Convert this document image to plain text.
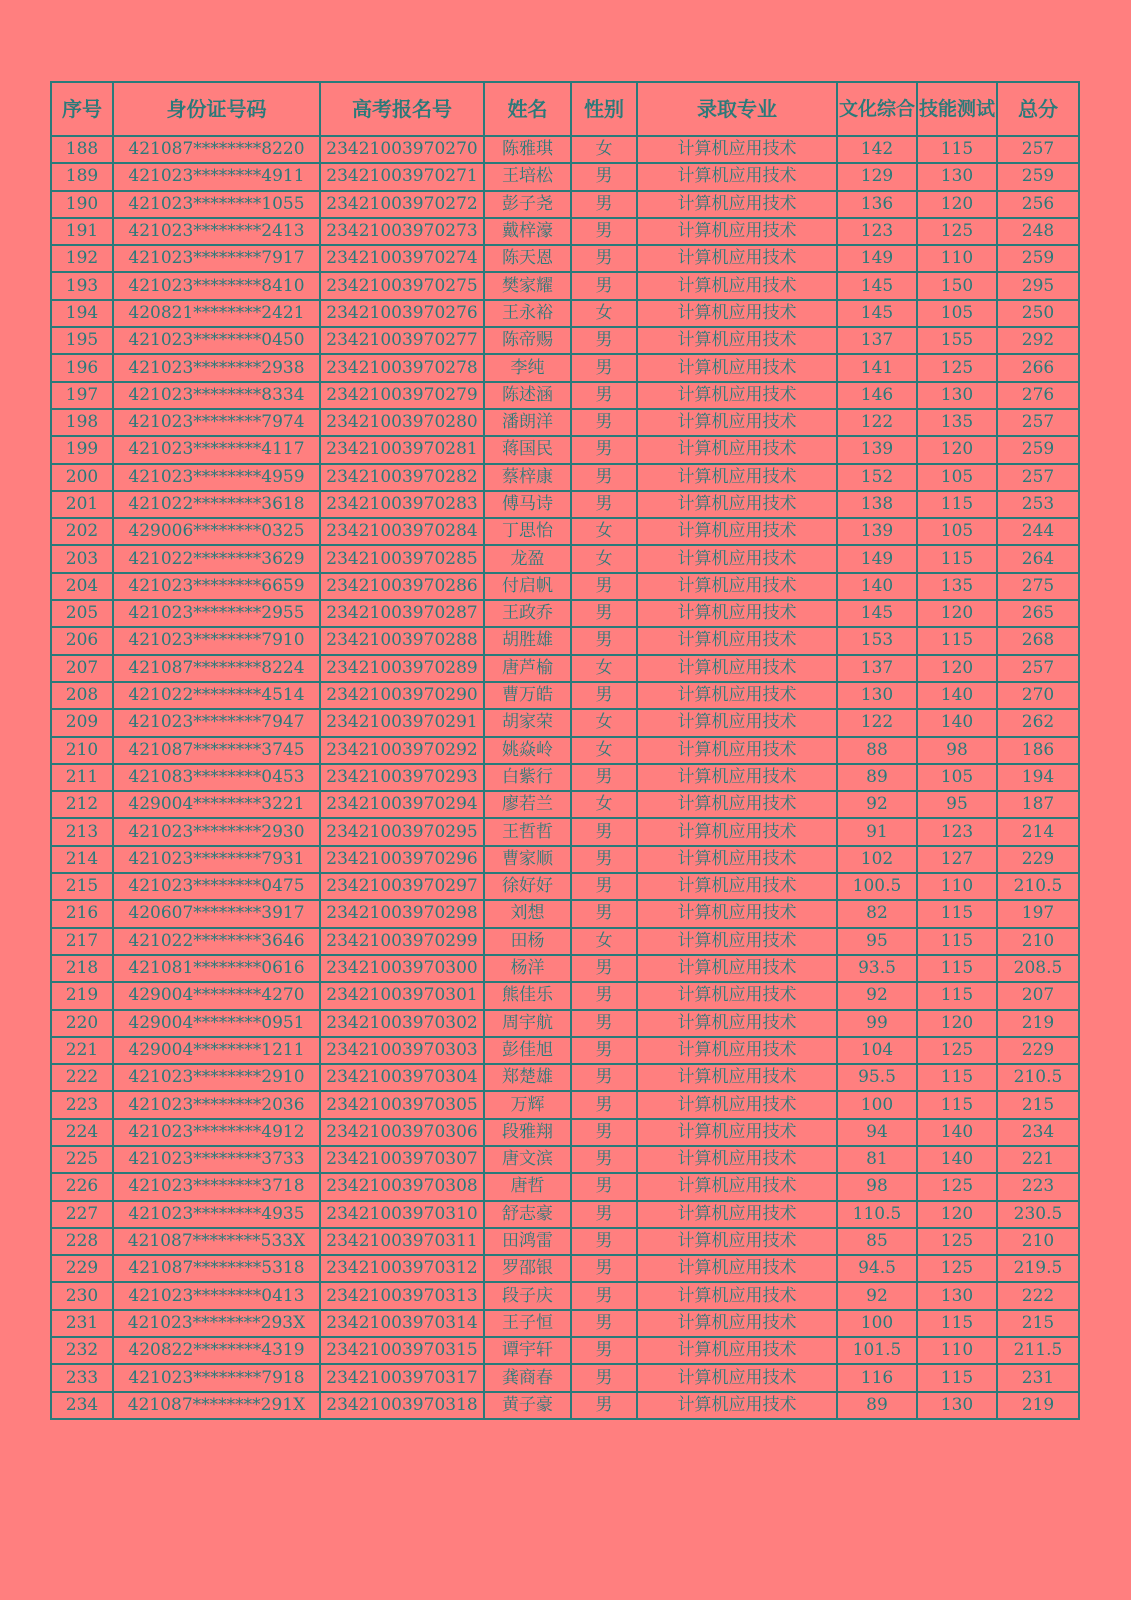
序号	身份证号码	高考报名号	姓名	性别	录取专业	文化综合	技能测试	总分
188	421087********8220	23421003970270	陈雅琪	女	计算机应用技术	142	115	257
189	421023********4911	23421003970271	王培松	男	计算机应用技术	129	130	259
190	421023********1055	23421003970272	彭子尧	男	计算机应用技术	136	120	256
191	421023********2413	23421003970273	戴梓濠	男	计算机应用技术	123	125	248
192	421023********7917	23421003970274	陈天恩	男	计算机应用技术	149	110	259
193	421023********8410	23421003970275	樊家耀	男	计算机应用技术	145	150	295
194	420821********2421	23421003970276	王永裕	女	计算机应用技术	145	105	250
195	421023********0450	23421003970277	陈帝赐	男	计算机应用技术	137	155	292
196	421023********2938	23421003970278	李纯	男	计算机应用技术	141	125	266
197	421023********8334	23421003970279	陈述涵	男	计算机应用技术	146	130	276
198	421023********7974	23421003970280	潘朗洋	男	计算机应用技术	122	135	257
199	421023********4117	23421003970281	蒋国民	男	计算机应用技术	139	120	259
200	421023********4959	23421003970282	蔡梓康	男	计算机应用技术	152	105	257
201	421022********3618	23421003970283	傅马诗	男	计算机应用技术	138	115	253
202	429006********0325	23421003970284	丁思怡	女	计算机应用技术	139	105	244
203	421022********3629	23421003970285	龙盈	女	计算机应用技术	149	115	264
204	421023********6659	23421003970286	付启帆	男	计算机应用技术	140	135	275
205	421023********2955	23421003970287	王政乔	男	计算机应用技术	145	120	265
206	421023********7910	23421003970288	胡胜雄	男	计算机应用技术	153	115	268
207	421087********8224	23421003970289	唐芦榆	女	计算机应用技术	137	120	257
208	421022********4514	23421003970290	曹万皓	男	计算机应用技术	130	140	270
209	421023********7947	23421003970291	胡家荣	女	计算机应用技术	122	140	262
210	421087********3745	23421003970292	姚焱岭	女	计算机应用技术	88	98	186
211	421083********0453	23421003970293	白紫行	男	计算机应用技术	89	105	194
212	429004********3221	23421003970294	廖若兰	女	计算机应用技术	92	95	187
213	421023********2930	23421003970295	王哲哲	男	计算机应用技术	91	123	214
214	421023********7931	23421003970296	曹家顺	男	计算机应用技术	102	127	229
215	421023********0475	23421003970297	徐好好	男	计算机应用技术	100.5	110	210.5
216	420607********3917	23421003970298	刘想	男	计算机应用技术	82	115	197
217	421022********3646	23421003970299	田杨	女	计算机应用技术	95	115	210
218	421081********0616	23421003970300	杨洋	男	计算机应用技术	93.5	115	208.5
219	429004********4270	23421003970301	熊佳乐	男	计算机应用技术	92	115	207
220	429004********0951	23421003970302	周宇航	男	计算机应用技术	99	120	219
221	429004********1211	23421003970303	彭佳旭	男	计算机应用技术	104	125	229
222	421023********2910	23421003970304	郑楚雄	男	计算机应用技术	95.5	115	210.5
223	421023********2036	23421003970305	万辉	男	计算机应用技术	100	115	215
224	421023********4912	23421003970306	段雅翔	男	计算机应用技术	94	140	234
225	421023********3733	23421003970307	唐文滨	男	计算机应用技术	81	140	221
226	421023********3718	23421003970308	唐哲	男	计算机应用技术	98	125	223
227	421023********4935	23421003970310	舒志豪	男	计算机应用技术	110.5	120	230.5
228	421087********533X	23421003970311	田鸿雷	男	计算机应用技术	85	125	210
229	421087********5318	23421003970312	罗邵银	男	计算机应用技术	94.5	125	219.5
230	421023********0413	23421003970313	段子庆	男	计算机应用技术	92	130	222
231	421023********293X	23421003970314	王子恒	男	计算机应用技术	100	115	215
232	420822********4319	23421003970315	谭宇轩	男	计算机应用技术	101.5	110	211.5
233	421023********7918	23421003970317	龚商春	男	计算机应用技术	116	115	231
234	421087********291X	23421003970318	黄子豪	男	计算机应用技术	89	130	219
